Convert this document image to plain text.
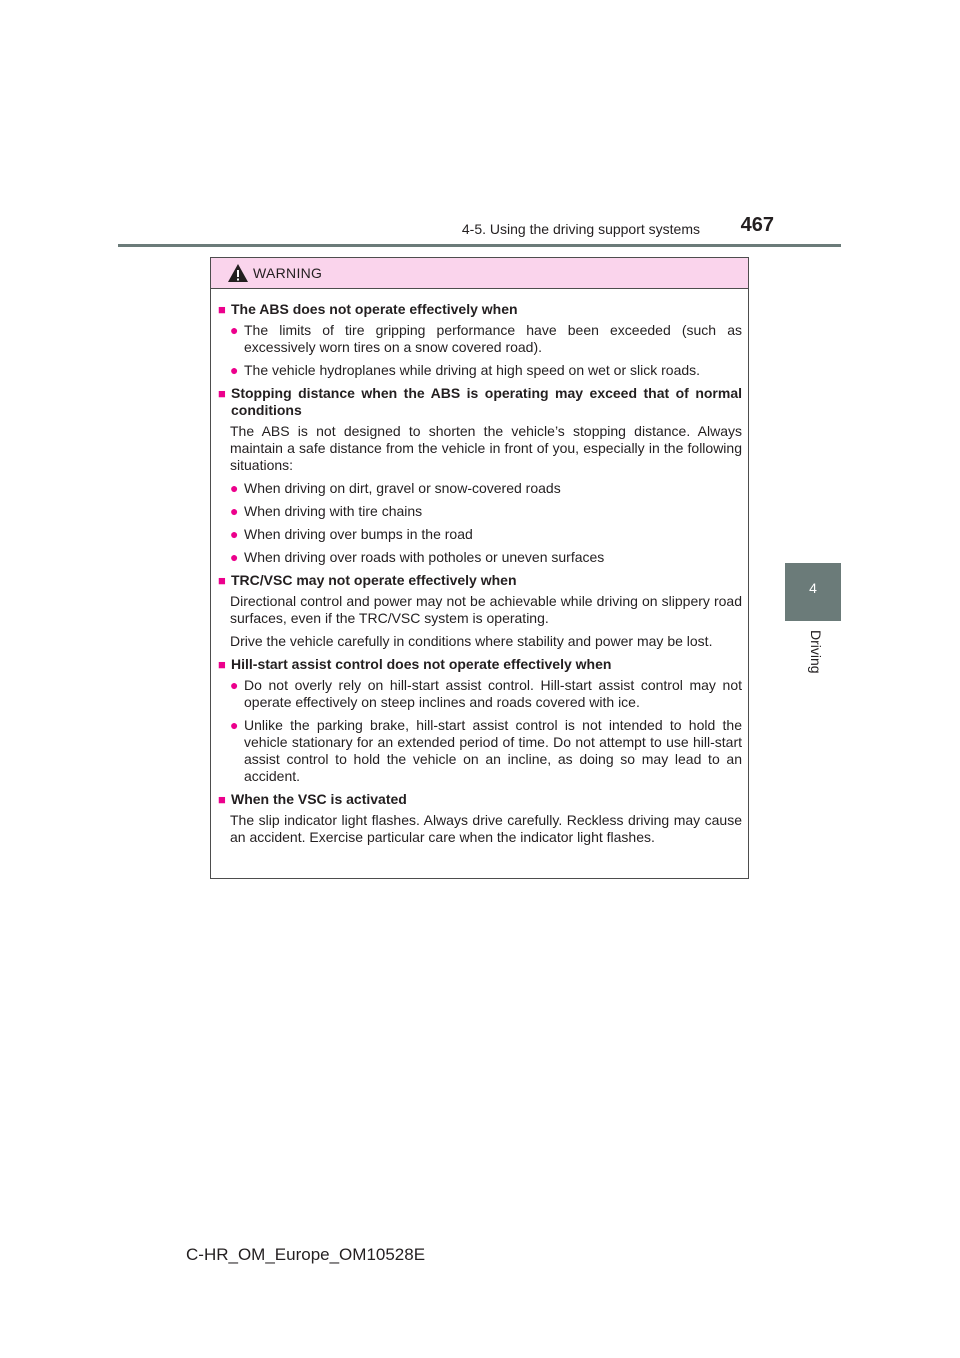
4-5. Using the driving support systems	467
4
Driving
WARNING
■ The ABS does not operate effectively when
● The limits of tire gripping performance have been exceeded (such as excessively worn tires on a snow covered road).
● The vehicle hydroplanes while driving at high speed on wet or slick roads.
■ Stopping distance when the ABS is operating may exceed that of normal conditions
The ABS is not designed to shorten the vehicle’s stopping distance. Always maintain a safe distance from the vehicle in front of you, especially in the following situations:
● When driving on dirt, gravel or snow-covered roads
● When driving with tire chains
● When driving over bumps in the road
● When driving over roads with potholes or uneven surfaces
■ TRC/VSC may not operate effectively when
Directional control and power may not be achievable while driving on slippery road surfaces, even if the TRC/VSC system is operating.
Drive the vehicle carefully in conditions where stability and power may be lost.
■ Hill-start assist control does not operate effectively when
● Do not overly rely on hill-start assist control. Hill-start assist control may not operate effectively on steep inclines and roads covered with ice.
● Unlike the parking brake, hill-start assist control is not intended to hold the vehicle stationary for an extended period of time. Do not attempt to use hill-start assist control to hold the vehicle on an incline, as doing so may lead to an accident.
■ When the VSC is activated
The slip indicator light flashes. Always drive carefully. Reckless driving may cause an accident. Exercise particular care when the indicator light flashes.
C-HR_OM_Europe_OM10528E
